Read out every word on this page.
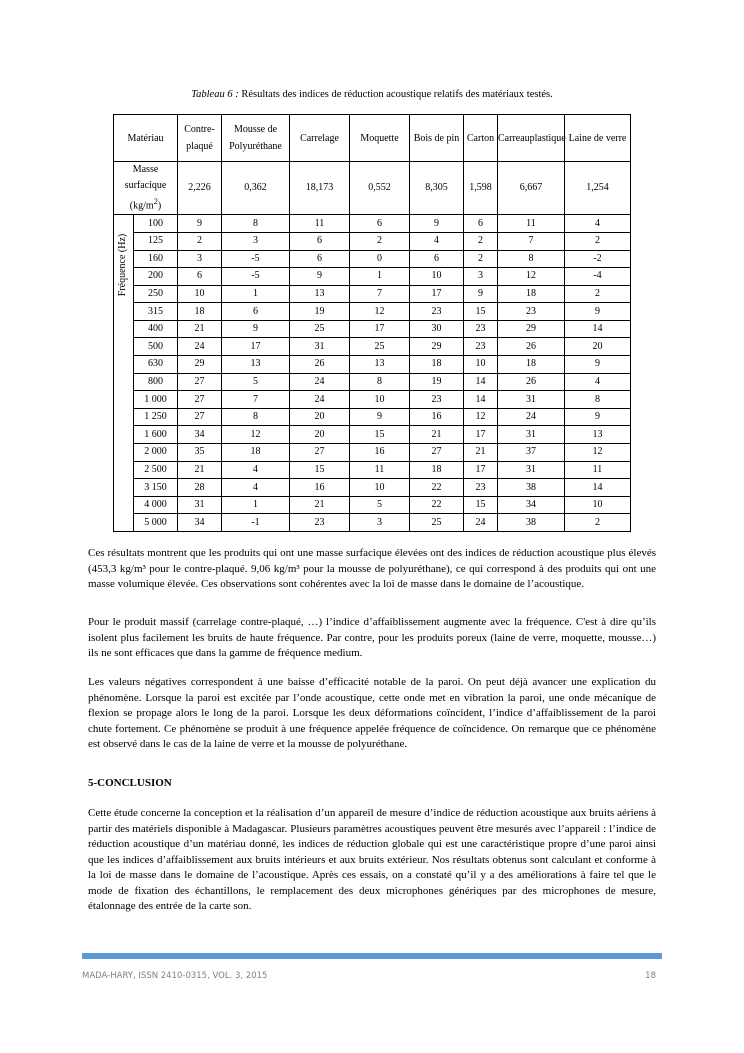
Tableau 6 : Résultats des indices de réduction acoustique relatifs des matériaux testés.
Matériau		Contre-plaqué	Mousse de Polyuréthane	Carrelage	Moquette	Bois de pin	Carton	Carreauplastique	Laine de verre
Masse
surfacique
$(kg/m^2)$		2,226	0,362	18,173	0,552	8,305	1,598	6,667	1,254

Fréquence (Hz)	100	9	8	11	6	9	6	11	4
	125	2	3	6	2	4	2	7	2
	160	3	-5	6	0	6	2	8	-2
	200	6	-5	9	1	10	3	12	-4
	250	10	1	13	7	17	9	18	2
	315	18	6	19	12	23	15	23	9
	400	21	9	25	17	30	23	29	14
	500	24	17	31	25	29	23	26	20
	630	29	13	26	13	18	10	18	9
	800	27	5	24	8	19	14	26	4
	1 000	27	7	24	10	23	14	31	8
	1 250	27	8	20	9	16	12	24	9
	1 600	34	12	20	15	21	17	31	13
	2 000	35	18	27	16	27	21	37	12
	2 500	21	4	15	11	18	17	31	11
	3 150	28	4	16	10	22	23	38	14
	4 000	31	1	21	5	22	15	34	10
	5 000	34	-1	23	3	25	24	38	2

Ces résultats montrent que les produits qui ont une masse surfacique élevées ont des indices de réduction acoustique plus élevés (453,3 kg/m³ pour le contre-plaqué. 9,06 kg/m³ pour la mousse de polyuréthane), ce qui correspond à des produits qui ont une masse volumique élevée. Ces observations sont cohérentes avec la loi de masse dans le domaine de l’acoustique.

Pour le produit massif (carrelage contre-plaqué, …) l’indice d’affaiblissement augmente avec la fréquence. C'est à dire qu’ils isolent plus facilement les bruits de haute fréquence. Par contre, pour les produits poreux (laine de verre, moquette, mousse…) ils ne sont efficaces que dans la gamme de fréquence medium.

Les valeurs négatives correspondent à une baisse d’efficacité notable de la paroi. On peut déjà avancer une explication du phénomène. Lorsque la paroi est excitée par l’onde acoustique, cette onde met en vibration la paroi, une onde mécanique de flexion se propage alors le long de la paroi. Lorsque les deux déformations coïncident, l’indice d’affaiblissement de la paroi chute fortement. Ce phénomène se produit à une fréquence appelée fréquence de coïncidence. On remarque que ce phénomène est observé dans le cas de la laine de verre et la mousse de polyuréthane.

5-CONCLUSION

Cette étude concerne la conception et la réalisation d’un appareil de mesure d’indice de réduction acoustique aux bruits aériens à partir des matériels disponible à Madagascar. Plusieurs paramètres acoustiques peuvent être mesurés avec l’appareil : l’indice de réduction acoustique d’un matériau donné, les indices de réduction globale qui est une caractéristique propre d’une paroi ainsi que les indices d’affaiblissement aux bruits intérieurs et aux bruits extérieur. Nos résultats obtenus sont calculant et conforme à la loi de masse dans le domaine de l’acoustique. Après ces essais, on a constaté qu’il y a des améliorations à faire tel que le mode de fixation des échantillons, le remplacement des deux microphones génériques par des microphones de mesure, étalonnage des entrée de la carte son.

MADA-HARY, ISSN 2410-0315, VOL. 3, 2015	18
